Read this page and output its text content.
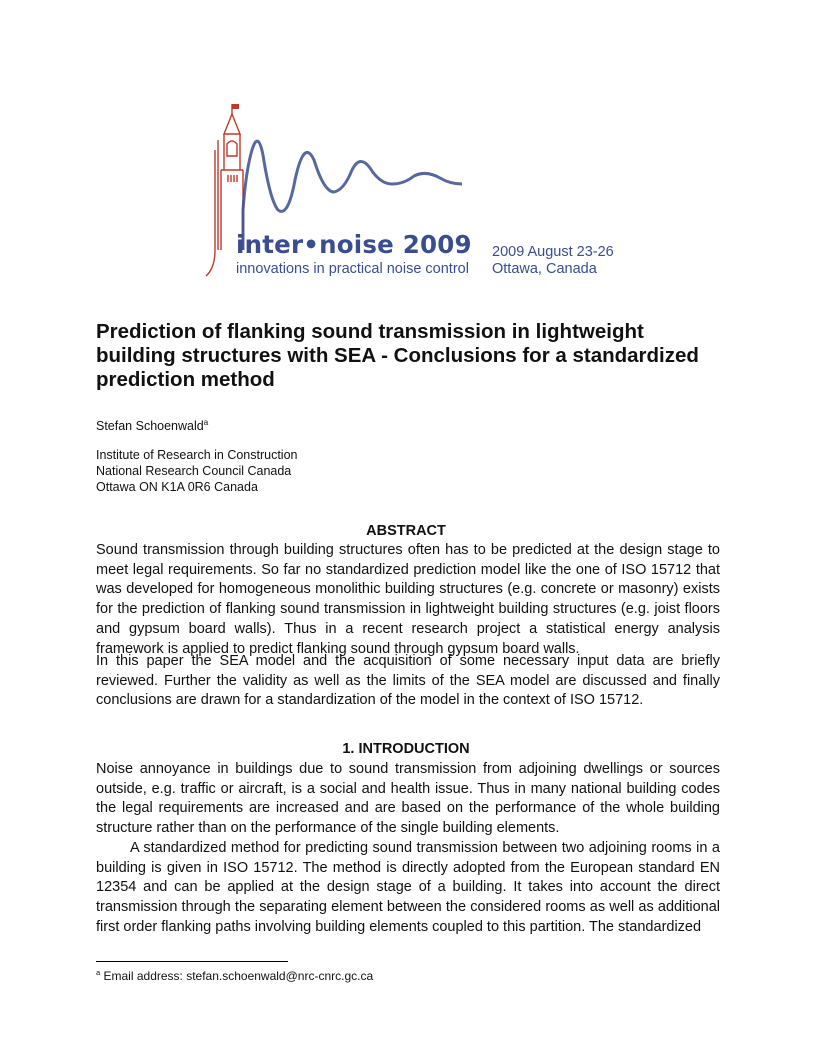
inter•noise 2009
innovations in practical noise control
2009 August 23-26
Ottawa, Canada
Prediction of flanking sound transmission in lightweight building structures with SEA - Conclusions for a standardized prediction method
Stefan Schoenwald$^a$
Institute of Research in Construction
National Research Council Canada
Ottawa ON K1A 0R6 Canada
ABSTRACT

Sound transmission through building structures often has to be predicted at the design stage to meet legal requirements. So far no standardized prediction model like the one of ISO 15712 that was developed for homogeneous monolithic building structures (e.g. concrete or masonry) exists for the prediction of flanking sound transmission in lightweight building structures (e.g. joist floors and gypsum board walls). Thus in a recent research project a statistical energy analysis framework is applied to predict flanking sound through gypsum board walls.

In this paper the SEA model and the acquisition of some necessary input data are briefly reviewed. Further the validity as well as the limits of the SEA model are discussed and finally conclusions are drawn for a standardization of the model in the context of ISO 15712.

1. INTRODUCTION

Noise annoyance in buildings due to sound transmission from adjoining dwellings or sources outside, e.g. traffic or aircraft, is a social and health issue. Thus in many national building codes the legal requirements are increased and are based on the performance of the whole building structure rather than on the performance of the single building elements.

A standardized method for predicting sound transmission between two adjoining rooms in a building is given in ISO 15712. The method is directly adopted from the European standard EN 12354 and can be applied at the design stage of a building. It takes into account the direct transmission through the separating element between the considered rooms as well as additional first order flanking paths involving building elements coupled to this partition. The standardized

$^a$ Email address: stefan.schoenwald@nrc-cnrc.gc.ca
